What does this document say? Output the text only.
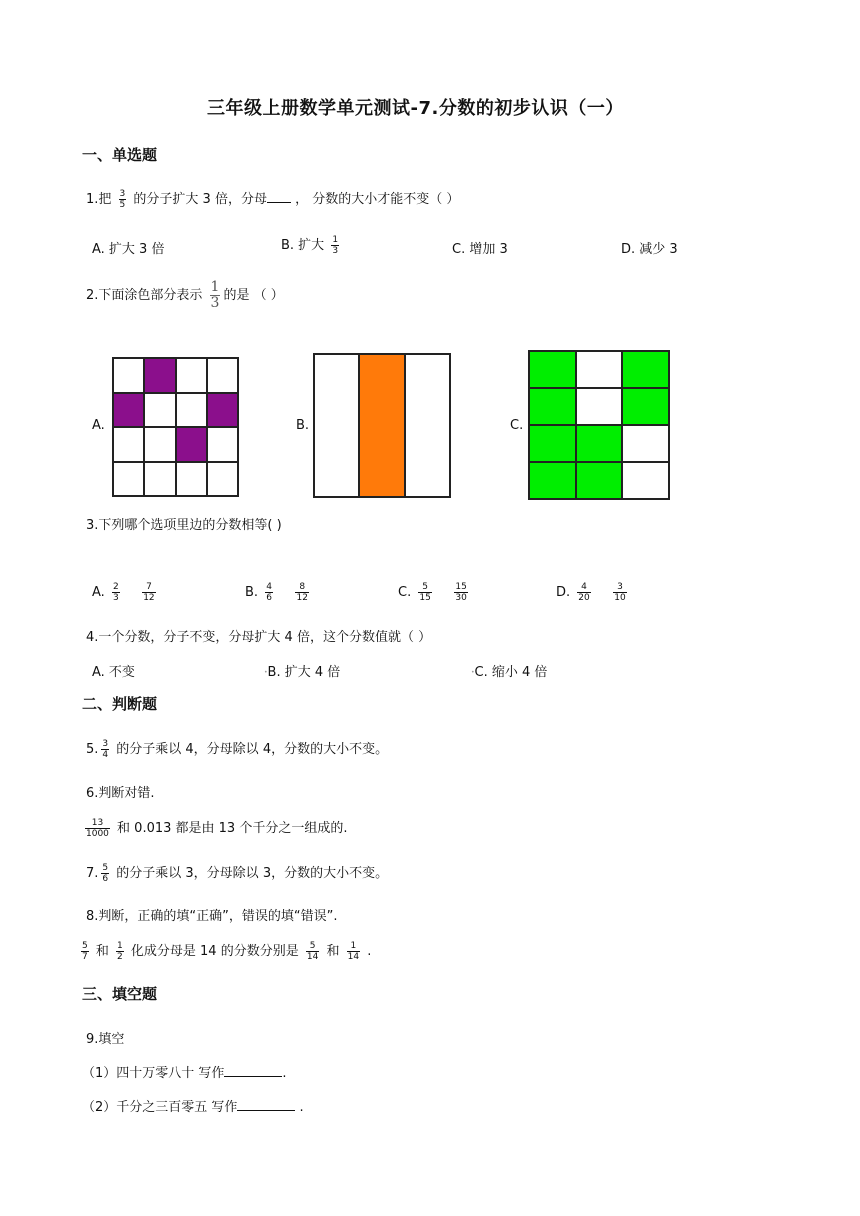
三年级上册数学单元测试-7.分数的初步认识（一）
一、单选题
1.把 $\frac{3}{5}$ 的分子扩大 3 倍，分母 ， 分数的大小才能不变（ ）
A. 扩大 3 倍	B. 扩大 $\frac{1}{3}$	C. 增加 3	D. 减少 3
2.下面涂色部分表示 $\frac{1}{3}$ 的是 （ ）
A.	B.	C.
3.下列哪个选项里边的分数相等( )
A. $\frac{2}{3}$
	$\frac{7}{12}$	B. $\frac{4}{6}$
	$\frac{8}{12}$	C. $\frac{5}{15}$
	$\frac{15}{30}$	D. $\frac{4}{20}$
	$\frac{3}{10}$
4.一个分数，分子不变，分母扩大 4 倍，这个分数值就（ ）
A. 不变	•B. 扩大 4 倍	•C. 缩小 4 倍
二、判断题
5. $\frac{3}{4}$ 的分子乘以 4，分母除以 4，分数的大小不变。
6.判断对错.
$\frac{13}{1000}$ 和 0.013 都是由 13 个千分之一组成的.
7. $\frac{5}{6}$ 的分子乘以 3，分母除以 3，分数的大小不变。
8.判断，正确的填“正确”，错误的填“错误”.
$\frac{5}{7}$ 和 $\frac{1}{2}$ 化成分母是 14 的分数分别是 $\frac{5}{14}$ 和 $\frac{1}{14}$ .
三、填空题
9.填空
（1）四十万零八十 写作	.
（2）千分之三百零五 写作	.
